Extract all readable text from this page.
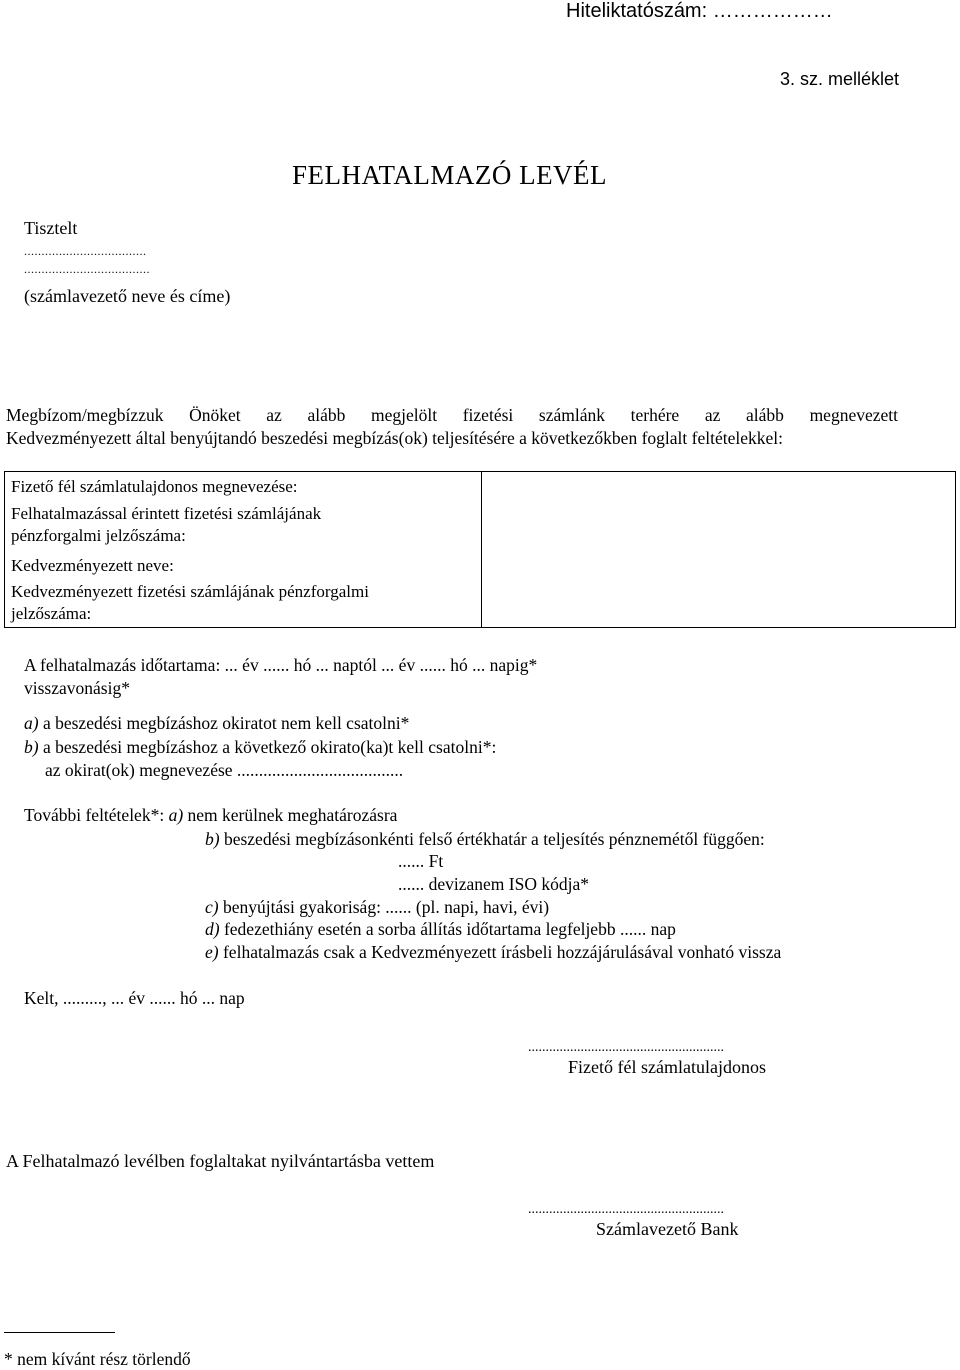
Hiteliktatószám: ………………
3. sz. melléklet
FELHATALMAZÓ LEVÉL
Tisztelt
...................................
....................................
(számlavezető neve és címe)
Megbízom/megbízzuk Önöket az alább megjelölt fizetési számlánk terhére az alább megnevezett
Kedvezményezett által benyújtandó beszedési megbízás(ok) teljesítésére a következőkben foglalt feltételekkel:
Fizető fél számlatulajdonos megnevezése:
Felhatalmazással érintett fizetési számlájának
pénzforgalmi jelzőszáma:
Kedvezményezett neve:
Kedvezményezett fizetési számlájának pénzforgalmi
jelzőszáma:
A felhatalmazás időtartama: ... év ...... hó ... naptól ... év ...... hó ... napig*
visszavonásig*
a) a beszedési megbízáshoz okiratot nem kell csatolni*
b) a beszedési megbízáshoz a következő okirato(ka)t kell csatolni*:
az okirat(ok) megnevezése ......................................
További feltételek*: a) nem kerülnek meghatározásra
b) beszedési megbízásonkénti felső értékhatár a teljesítés pénznemétől függően:
...... Ft
...... devizanem ISO kódja*
c) benyújtási gyakoriság: ...... (pl. napi, havi, évi)
d) fedezethiány esetén a sorba állítás időtartama legfeljebb ...... nap
e) felhatalmazás csak a Kedvezményezett írásbeli hozzájárulásával vonható vissza
Kelt, ........., ... év ...... hó ... nap
........................................................
Fizető fél számlatulajdonos
A Felhatalmazó levélben foglaltakat nyilvántartásba vettem
........................................................
Számlavezető Bank
* nem kívánt rész törlendő
